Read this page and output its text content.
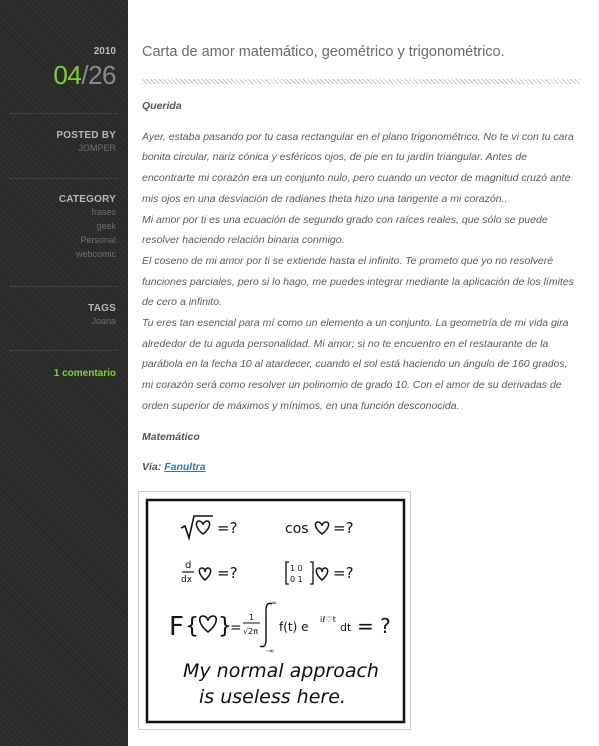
2010
04/26
POSTED BY
JOMPER
CATEGORY
frases
geek
Personal
webcomic
TAGS
Joana
1 comentario
Carta de amor matemático, geométrico y trigonométrico.

Querida

Ayer, estaba pasando por tu casa rectangular en el plano trigonométrico. No te vi con tu cara

bonita circular, nariz cónica y esféricos ojos, de pie en tu jardín triangular. Antes de

encontrarte mi corazón era un conjunto nulo, pero cuando un vector de magnitud cruzó ante

mis ojos en una desviación de radianes theta hizo una tangente a mi corazón..

Mi amor por ti es una ecuación de segundo grado con raíces reales, que sólo se puede

resolver haciendo relación binaria conmigo.

El coseno de mi amor por ti se extiende hasta el infinito. Te prometo que yo no resolveré

funciones parciales, pero si lo hago, me puedes integrar mediante la aplicación de los límites

de cero a infinito.

Tu eres tan esencial para mí como un elemento a un conjunto. La geometría de mi vida gira

alrededor de tu aguda personalidad. Mi amor; si no te encuentro en el restaurante de la

parábola en la fecha 10 al atardecer, cuando el sol está haciendo un ángulo de 160 grados,

mi corazón será como resolver un polinomio de grado 10. Con el amor de su derivadas de

orden superior de máximos y mínimos, en una función desconocida.

Matemático

Vía: Fanultra

=?	cos =?
d
dx =?	1 0
0 1 =?
F { }
=
1
√2π
∞
-∞
f(t) e
iℓ♡t
dt = ?
My normal approach
is useless here.
